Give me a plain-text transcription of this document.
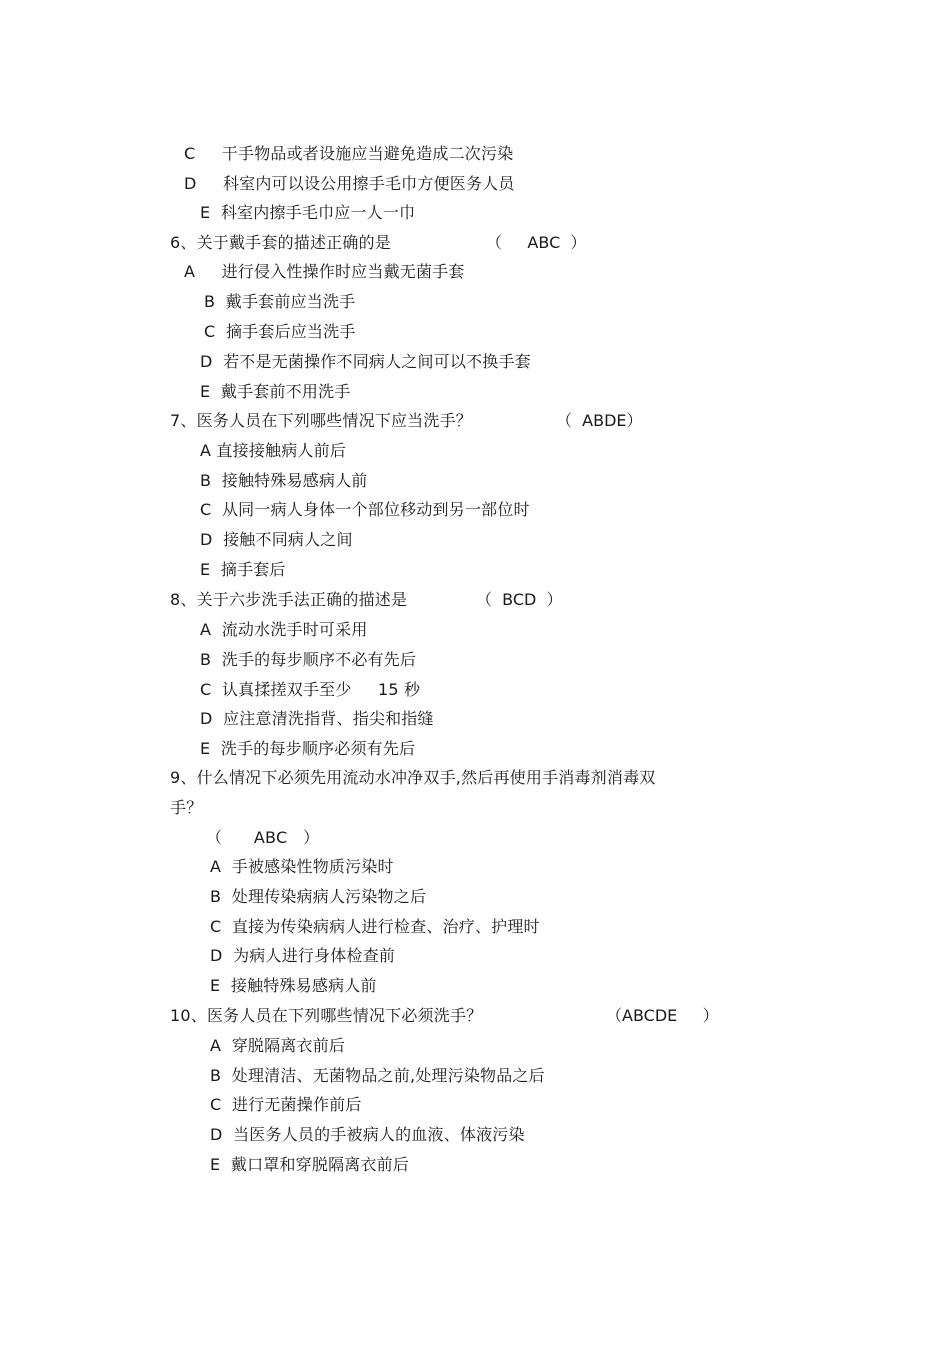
C     干手物品或者设施应当避免造成二次污染
D     科室内可以设公用擦手毛巾方便医务人员
E  科室内擦手毛巾应一人一巾
6、关于戴手套的描述正确的是	（     ABC  ）
A     进行侵入性操作时应当戴无菌手套
B  戴手套前应当洗手
C  摘手套后应当洗手
D  若不是无菌操作不同病人之间可以不换手套
E  戴手套前不用洗手
7、医务人员在下列哪些情况下应当洗手？	（  ABDE）
A 直接接触病人前后
B  接触特殊易感病人前
C  从同一病人身体一个部位移动到另一部位时
D  接触不同病人之间
E  摘手套后
8、关于六步洗手法正确的描述是	（  BCD  ）
A  流动水洗手时可采用
B  洗手的每步顺序不必有先后
C  认真揉搓双手至少     15 秒
D  应注意清洗指背、指尖和指缝
E  洗手的每步顺序必须有先后
9、什么情况下必须先用流动水冲净双手,然后再使用手消毒剂消毒双
手？
（      ABC   ）
A  手被感染性物质污染时
B  处理传染病病人污染物之后
C  直接为传染病病人进行检查、治疗、护理时
D  为病人进行身体检查前
E  接触特殊易感病人前
10、医务人员在下列哪些情况下必须洗手？	（ABCDE     ）
A  穿脱隔离衣前后
B  处理清洁、无菌物品之前,处理污染物品之后
C  进行无菌操作前后
D  当医务人员的手被病人的血液、体液污染
E  戴口罩和穿脱隔离衣前后
